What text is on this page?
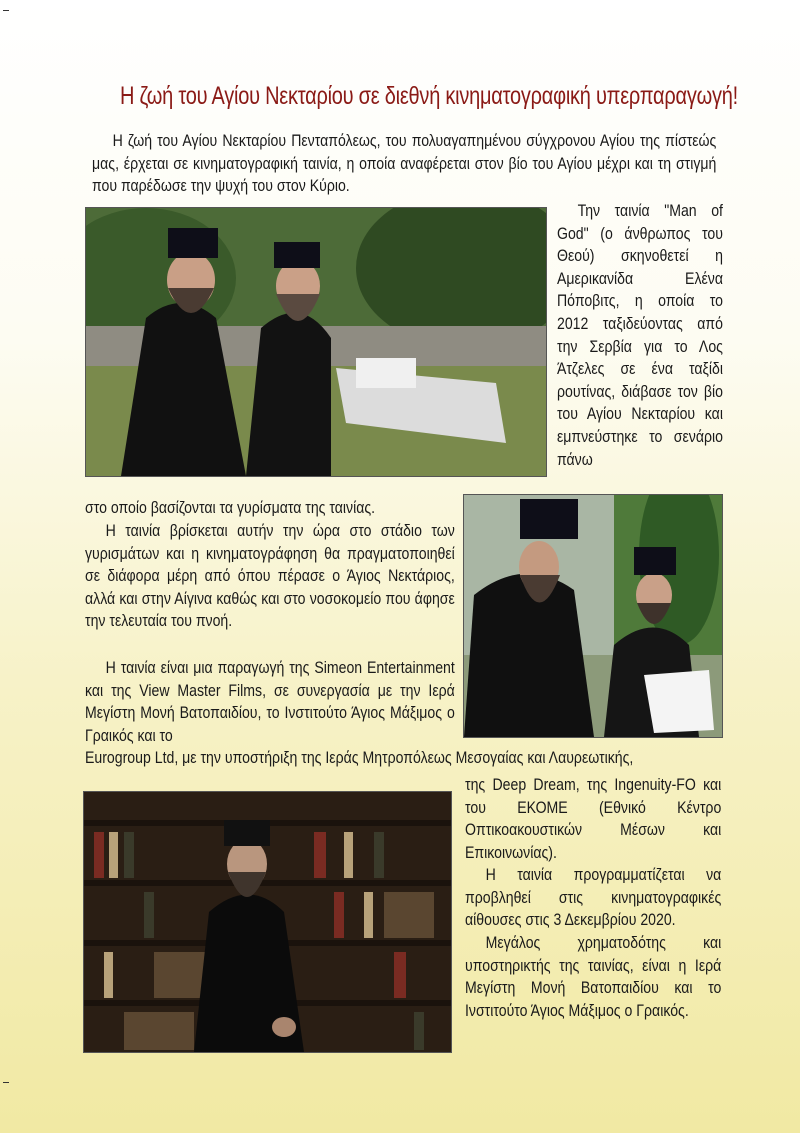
Η ζωή του Αγίου Νεκταρίου σε διεθνή κινηματογραφική υπερπαραγωγή!
Η ζωή του Αγίου Νεκταρίου Πενταπόλεως, του πολυαγαπημένου σύγχρονου Αγίου της πίστεώς μας, έρχεται σε κινηματογραφική ταινία, η οποία αναφέρεται στον βίο του Αγίου μέχρι και τη στιγμή που παρέδωσε την ψυχή του στον Κύριο.
Την ταινία "Man of God" (ο άνθρωπος του Θεού) σκηνοθετεί η Αμερικανίδα Ελένα Πόποβιτς, η οποία το 2012 ταξιδεύοντας από την Σερβία για το Λος Άτζελες σε ένα ταξίδι ρουτίνας, διάβασε τον βίο του Αγίου Νεκταρίου και εμπνεύστηκε το σενάριο πάνω
στο οποίο βασίζονται τα γυρίσματα της ταινίας.
Η ταινία βρίσκεται αυτήν την ώρα στο στάδιο των γυρισμάτων και η κινηματογράφηση θα πραγματοποιηθεί σε διάφορα μέρη από όπου πέρασε ο Άγιος Νεκτάριος, αλλά και στην Αίγινα καθώς και στο νοσοκομείο που άφησε την τελευταία του πνοή.
Η ταινία είναι μια παραγωγή της Simeon Entertainment και της View Master Films, σε συνεργασία με την Ιερά Μεγίστη Μονή Βατοπαιδίου, το Ινστιτούτο Άγιος Μάξιμος ο Γραικός και το
Eurogroup Ltd, με την υποστήριξη της Ιεράς Μητροπόλεως Μεσογαίας και Λαυρεωτικής,
της Deep Dream, της Ingenuity-FO και του ΕΚΟΜΕ (Εθνικό Κέντρο Οπτικοακουστικών Μέσων και Επικοινωνίας).
Η ταινία προγραμματίζεται να προβληθεί στις κινηματογραφικές αίθουσες στις 3 Δεκεμβρίου 2020.
Μεγάλος χρηματοδότης και υποστηρικτής της ταινίας, είναι η Ιερά Μεγίστη Μονή Βατοπαιδίου και το Ινστιτούτο Άγιος Μάξιμος ο Γραικός.
